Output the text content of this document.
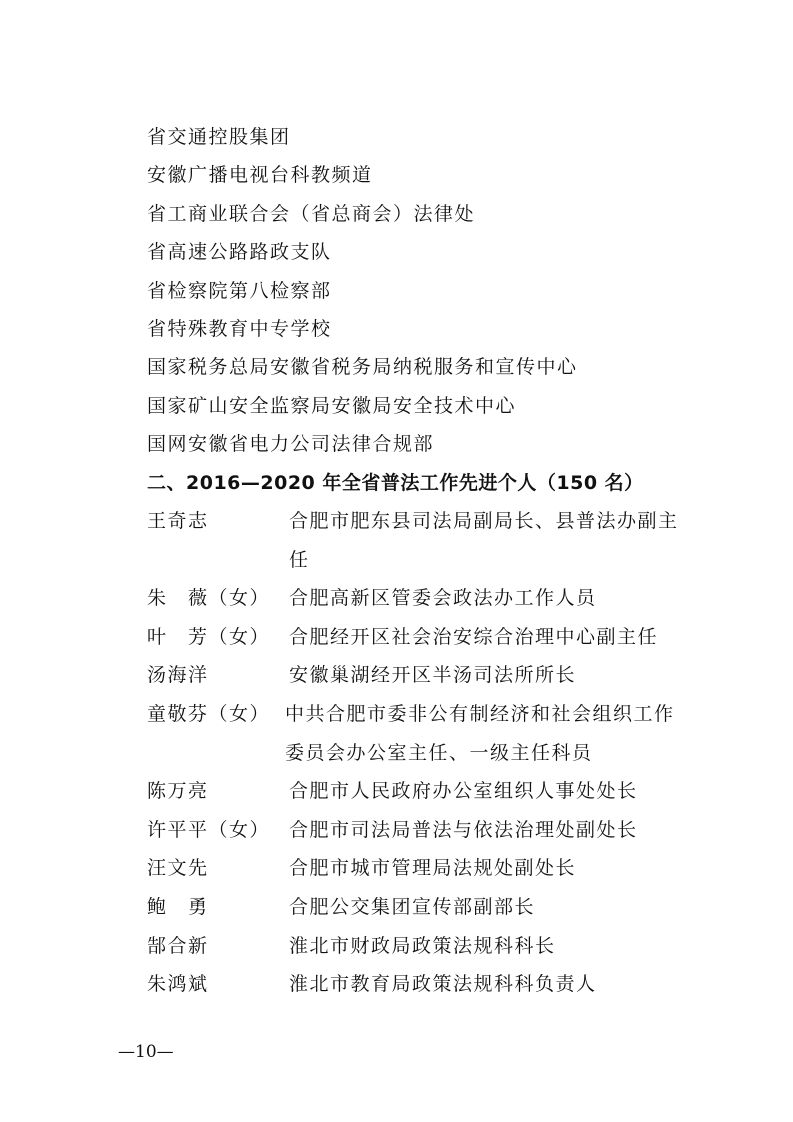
省交通控股集团
安徽广播电视台科教频道
省工商业联合会（省总商会）法律处
省高速公路路政支队
省检察院第八检察部
省特殊教育中专学校
国家税务总局安徽省税务局纳税服务和宣传中心
国家矿山安全监察局安徽局安全技术中心
国网安徽省电力公司法律合规部
二、2016—2020 年全省普法工作先进个人（150 名）
王奇志	合肥市肥东县司法局副局长、县普法办副主任
朱　薇（女） 合肥高新区管委会政法办工作人员
叶　芳（女） 合肥经开区社会治安综合治理中心副主任
汤海洋	安徽巢湖经开区半汤司法所所长
童敬芬（女） 中共合肥市委非公有制经济和社会组织工作委员会办公室主任、一级主任科员
陈万亮	合肥市人民政府办公室组织人事处处长
许平平（女） 合肥市司法局普法与依法治理处副处长
汪文先	合肥市城市管理局法规处副处长
鲍　勇	合肥公交集团宣传部副部长
郜合新	淮北市财政局政策法规科科长
朱鸿斌	淮北市教育局政策法规科科负责人
—10—
